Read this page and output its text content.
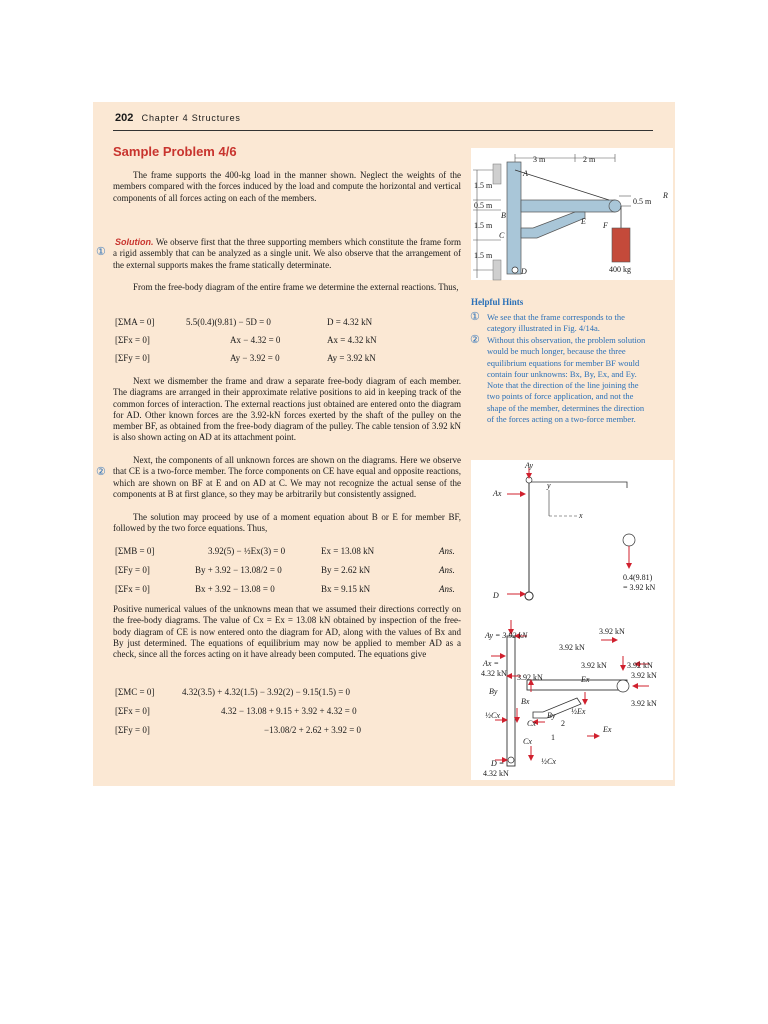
202 Chapter 4 Structures
Sample Problem 4/6
The frame supports the 400-kg load in the manner shown. Neglect the weights of the members compared with the forces induced by the load and compute the horizontal and vertical components of all forces acting on each of the members.
①
Solution. We observe first that the three supporting members which constitute the frame form a rigid assembly that can be analyzed as a single unit. We also observe that the arrangement of the external supports makes the frame statically determinate.
From the free-body diagram of the entire frame we determine the external reactions. Thus,
[ΣMA = 0]	5.5(0.4)(9.81) − 5D = 0	D = 4.32 kN
[ΣFx = 0]	Ax − 4.32 = 0	Ax = 4.32 kN
[ΣFy = 0]	Ay − 3.92 = 0	Ay = 3.92 kN
Next we dismember the frame and draw a separate free-body diagram of each member. The diagrams are arranged in their approximate relative positions to aid in keeping track of the common forces of interaction. The external reactions just obtained are entered onto the diagram for AD. Other known forces are the 3.92-kN forces exerted by the shaft of the pulley on the member BF, as obtained from the free-body diagram of the pulley. The cable tension of 3.92 kN is also shown acting on AD at its attachment point.
②
Next, the components of all unknown forces are shown on the diagrams. Here we observe that CE is a two-force member. The force components on CE have equal and opposite reactions, which are shown on BF at E and on AD at C. We may not recognize the actual sense of the components at B at first glance, so they may be arbitrarily but consistently assigned.
The solution may proceed by use of a moment equation about B or E for member BF, followed by the two force equations. Thus,
[ΣMB = 0]	3.92(5) − ½Ex(3) = 0	Ex = 13.08 kN	Ans.
[ΣFy = 0]	By + 3.92 − 13.08/2 = 0	By = 2.62 kN	Ans.
[ΣFx = 0]	Bx + 3.92 − 13.08 = 0	Bx = 9.15 kN	Ans.
Positive numerical values of the unknowns mean that we assumed their directions correctly on the free-body diagrams. The value of Cx = Ex = 13.08 kN obtained by inspection of the free-body diagram of CE is now entered onto the diagram for AD, along with the values of Bx and By just determined. The equations of equilibrium may now be applied to member AD as a check, since all the forces acting on it have already been computed. The equations give
[ΣMC = 0]	4.32(3.5) + 4.32(1.5) − 3.92(2) − 9.15(1.5) = 0
[ΣFx = 0]	4.32 − 13.08 + 9.15 + 3.92 + 4.32 = 0
[ΣFy = 0]	−13.08/2 + 2.62 + 3.92 = 0
Helpful Hints
① We see that the frame corresponds to the category illustrated in Fig. 4/14a.
② Without this observation, the problem solution would be much longer, because the three equilibrium equations for member BF would contain four unknowns: Bx, By, Ex, and Ey. Note that the direction of the line joining the two points of force application, and not the shape of the member, determines the direction of the forces acting on a two-force member.
3 m	2 m
1.5 m
0.5 m
1.5 m
1.5 m
0.5 m
A
B
C
D
E F
R
400 kg
Ay
Ax
y
x
0.4(9.81)
= 3.92 kN
D
Ay = 3.92 kN
Ax =
4.32 kN
3.92 kN
3.92 kN
3.92 kN	3.92 kN
3.92 kN
3.92 kN
3.92 kN	Ex
By
Bx
By ½Ex
½Cx
Cx
Cx
Ex
1
2
½Cx
D =
4.32 kN
